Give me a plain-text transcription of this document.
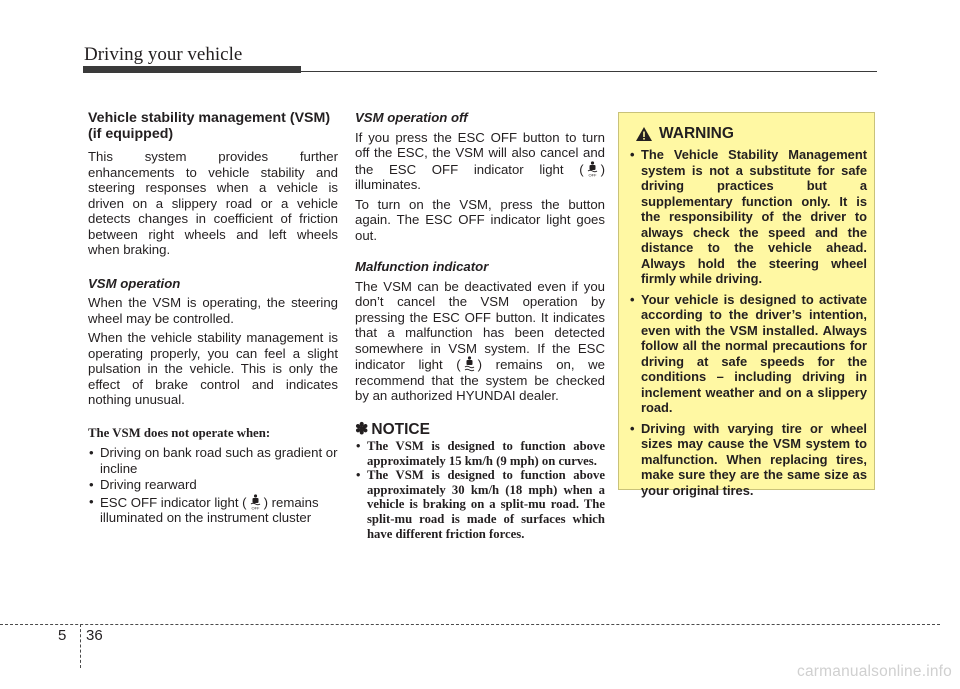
Driving your vehicle
Vehicle stability management (VSM) (if equipped)

This system provides further enhancements to vehicle stability and steering responses when a vehicle is driven on a slippery road or a vehicle detects changes in coefficient of friction between right wheels and left wheels when braking.

VSM operation

When the VSM is operating, the steering wheel may be controlled.

When the vehicle stability management is operating properly, you can feel a slight pulsation in the vehicle. This is only the effect of brake control and indicates nothing unusual.

The VSM does not operate when:
• Driving on bank road such as gradient or incline
• Driving rearward
• ESC OFF indicator light ( OFF ) remains illuminated on the instrument cluster
VSM operation off

If you press the ESC OFF button to turn off the ESC, the VSM will also cancel and the ESC OFF indicator light ( OFF ) illuminates.

To turn on the VSM, press the button again. The ESC OFF indicator light goes out.

Malfunction indicator

The VSM can be deactivated even if you don’t cancel the VSM operation by pressing the ESC OFF button. It indicates that a malfunction has been detected somewhere in VSM system. If the ESC indicator light ( ) remains on, we recommend that the system be checked by an authorized HYUNDAI dealer.

✽ NOTICE
• The VSM is designed to function above approximately 15 km/h (9 mph) on curves.
• The VSM is designed to function above approximately 30 km/h (18 mph) when a vehicle is braking on a split-mu road. The split-mu road is made of surfaces which have different friction forces.
WARNING
• The Vehicle Stability Management system is not a substitute for safe driving practices but a supplementary function only. It is the responsibility of the driver to always check the speed and the distance to the vehicle ahead. Always hold the steering wheel firmly while driving.
• Your vehicle is designed to activate according to the driver’s intention, even with the VSM installed. Always follow all the normal precautions for driving at safe speeds for the conditions – including driving in inclement weather and on a slippery road.
• Driving with varying tire or wheel sizes may cause the VSM system to malfunction. When replacing tires, make sure they are the same size as your original tires.
5 36
carmanualsonline.info
